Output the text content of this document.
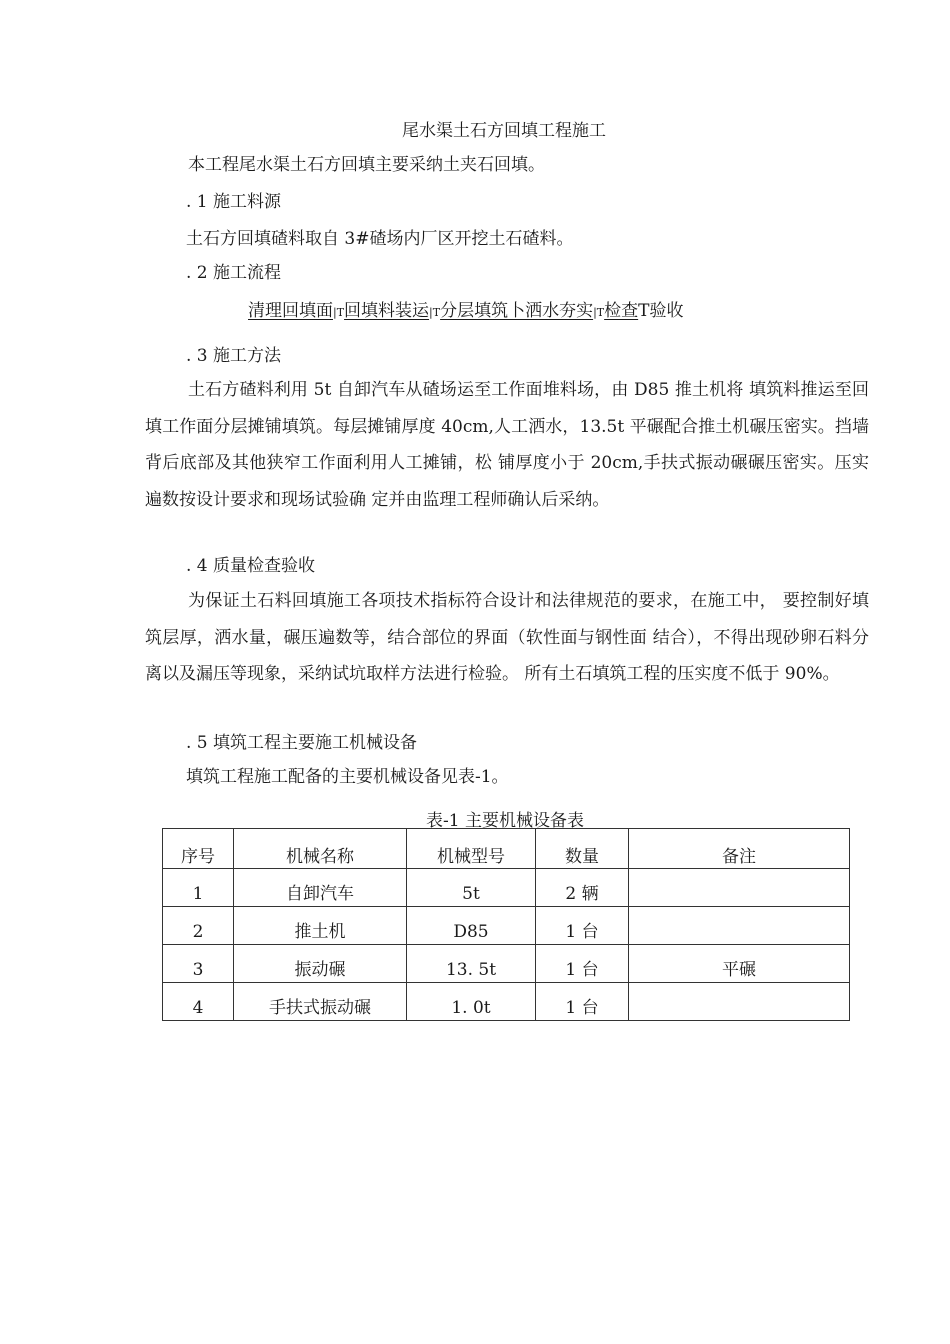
尾水渠土石方回填工程施工
本工程尾水渠土石方回填主要采纳土夹石回填。
. 1 施工料源
土石方回填碴料取自 3#碴场内厂区开挖土石碴料。
. 2 施工流程
清理回填面|T回填料装运|T分层填筑卜洒水夯实|T检查T验收
. 3 施工方法
土石方碴料利用 5t 自卸汽车从碴场运至工作面堆料场，由 D85 推土机将 填筑料推运至回填工作面分层摊铺填筑。每层摊铺厚度 40cm,人工洒水，13.5t 平碾配合推土机碾压密实。挡墙背后底部及其他狭窄工作面利用人工摊铺，松 铺厚度小于 20cm,手扶式振动碾碾压密实。压实遍数按设计要求和现场试验确 定并由监理工程师确认后采纳。
. 4 质量检查验收
为保证土石料回填施工各项技术指标符合设计和法律规范的要求，在施工中， 要控制好填筑层厚，洒水量，碾压遍数等，结合部位的界面（软性面与钢性面 结合），不得出现砂卵石料分离以及漏压等现象，采纳试坑取样方法进行检验。 所有土石填筑工程的压实度不低于 90%。
. 5 填筑工程主要施工机械设备
填筑工程施工配备的主要机械设备见表-1。
表-1 主要机械设备表
序号	机械名称	机械型号	数量	备注
1	自卸汽车	5t	2 辆	
2	推土机	D85	1 台	
3	振动碾	13. 5t	1 台	平碾
4	手扶式振动碾	1. 0t	1 台	
